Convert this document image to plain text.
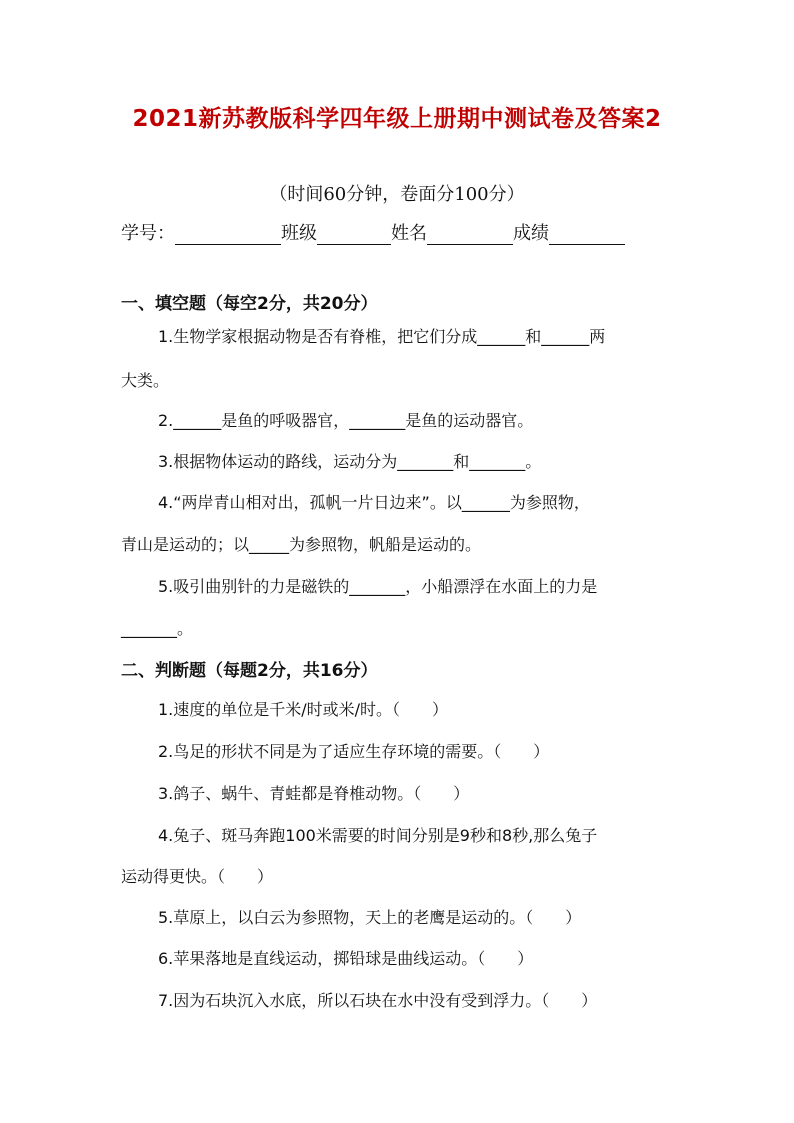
2021新苏教版科学四年级上册期中测试卷及答案2
（时间60分钟，卷面分100分）
学号：	班级	姓名	成绩
一、填空题（每空2分，共20分）
1.生物学家根据动物是否有脊椎，把它们分成______和______两
大类。
2.______是鱼的呼吸器官，_______是鱼的运动器官。
3.根据物体运动的路线，运动分为_______和_______。
4.“两岸青山相对出，孤帆一片日边来”。以______为参照物，
青山是运动的；以_____为参照物，帆船是运动的。
5.吸引曲别针的力是磁铁的_______，小船漂浮在水面上的力是
_______。
二、判断题（每题2分，共16分）
1.速度的单位是千米/时或米/时。（　　）
2.鸟足的形状不同是为了适应生存环境的需要。（　　）
3.鸽子、蜗牛、青蛙都是脊椎动物。（　　）
4.兔子、斑马奔跑100米需要的时间分别是9秒和8秒,那么兔子
运动得更快。（　　）
5.草原上，以白云为参照物，天上的老鹰是运动的。（　　）
6.苹果落地是直线运动，掷铅球是曲线运动。（　　）
7.因为石块沉入水底，所以石块在水中没有受到浮力。（　　）
